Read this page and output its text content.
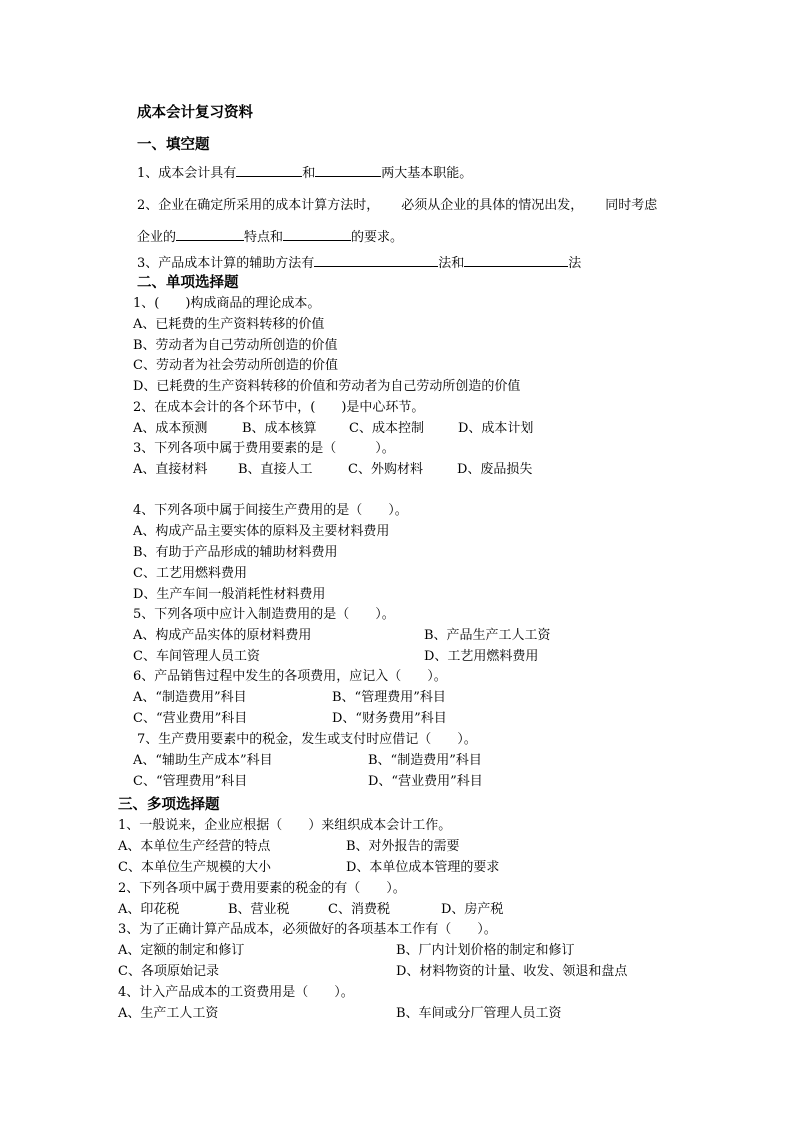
成本会计复习资料
一、填空题
1、成本会计具有	和	两大基本职能。
2、企业在确定所采用的成本计算方法时， 必须从企业的具体的情况出发， 同时考虑
企业的	特点和	的要求。
3、产品成本计算的辅助方法有	法和	法
二、单项选择题
1、(　　)构成商品的理论成本。
A、已耗费的生产资料转移的价值
B、劳动者为自己劳动所创造的价值
C、劳动者为社会劳动所创造的价值
D、已耗费的生产资料转移的价值和劳动者为自己劳动所创造的价值
2、在成本会计的各个环节中，(　　)是中心环节。
A、成本预测	B、成本核算 C、成本控制	D、成本计划
3、下列各项中属于费用要素的是（　　　）。
A、直接材料 B、直接人工	C、外购材料	D、废品损失
4、下列各项中属于间接生产费用的是（　　）。
A、构成产品主要实体的原料及主要材料费用
B、有助于产品形成的辅助材料费用
C、工艺用燃料费用
D、生产车间一般消耗性材料费用
5、下列各项中应计入制造费用的是（　　）。
A、构成产品实体的原材料费用	B、产品生产工人工资
C、车间管理人员工资	D、工艺用燃料费用
6、产品销售过程中发生的各项费用，应记入（　　）。
A、“制造费用”科目	B、“管理费用”科目
C、“营业费用”科目	D、“财务费用”科目
7、生产费用要素中的税金，发生或支付时应借记（　　）。
A、“辅助生产成本”科目	B、“制造费用”科目
C、“管理费用”科目	D、“营业费用”科目
三、多项选择题
1、一般说来，企业应根据（　　）来组织成本会计工作。
A、本单位生产经营的特点	B、对外报告的需要
C、本单位生产规模的大小	D、本单位成本管理的要求
2、下列各项中属于费用要素的税金的有（　　）。
A、印花税	B、营业税	C、消费税	D、房产税
3、为了正确计算产品成本，必须做好的各项基本工作有（　　）。
A、定额的制定和修订	B、厂内计划价格的制定和修订
C、各项原始记录	D、材料物资的计量、收发、领退和盘点
4、计入产品成本的工资费用是（　　）。
A、生产工人工资	B、车间或分厂管理人员工资
